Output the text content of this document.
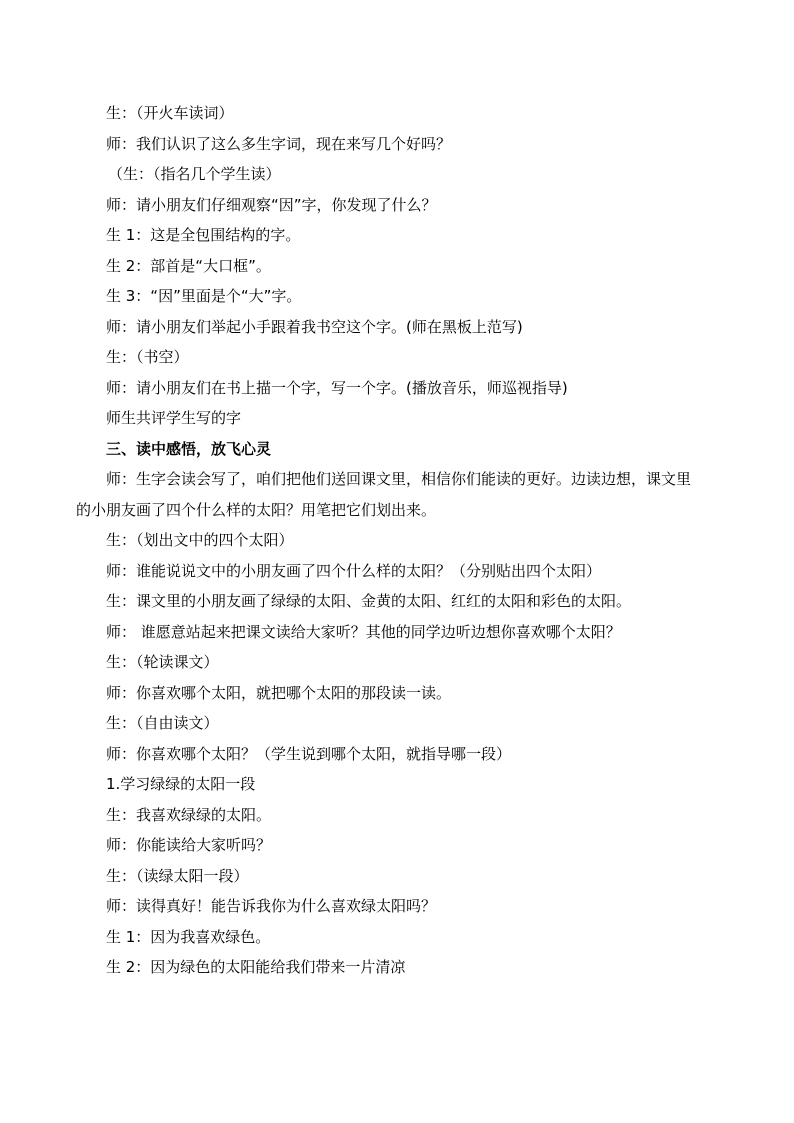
生：（开火车读词）
师：我们认识了这么多生字词，现在来写几个好吗？
（生：（指名几个学生读）
师：请小朋友们仔细观察“因”字，你发现了什么？
生 1：这是全包围结构的字。
生 2：部首是“大口框”。
生 3：“因”里面是个“大”字。
师：请小朋友们举起小手跟着我书空这个字。(师在黑板上范写)
生：（书空）
师：请小朋友们在书上描一个字，写一个字。(播放音乐，师巡视指导)
师生共评学生写的字
三、读中感悟，放飞心灵
师：生字会读会写了，咱们把他们送回课文里，相信你们能读的更好。边读边想，课文里
的小朋友画了四个什么样的太阳？用笔把它们划出来。
生：（划出文中的四个太阳）
师：谁能说说文中的小朋友画了四个什么样的太阳？（分别贴出四个太阳）
生：课文里的小朋友画了绿绿的太阳、金黄的太阳、红红的太阳和彩色的太阳。
师： 谁愿意站起来把课文读给大家听？其他的同学边听边想你喜欢哪个太阳？
生：（轮读课文）
师：你喜欢哪个太阳，就把哪个太阳的那段读一读。
生：（自由读文）
师：你喜欢哪个太阳？（学生说到哪个太阳，就指导哪一段）
1.学习绿绿的太阳一段
生：我喜欢绿绿的太阳。
师：你能读给大家听吗？
生：（读绿太阳一段）
师：读得真好！能告诉我你为什么喜欢绿太阳吗？
生 1：因为我喜欢绿色。
生 2：因为绿色的太阳能给我们带来一片清凉
